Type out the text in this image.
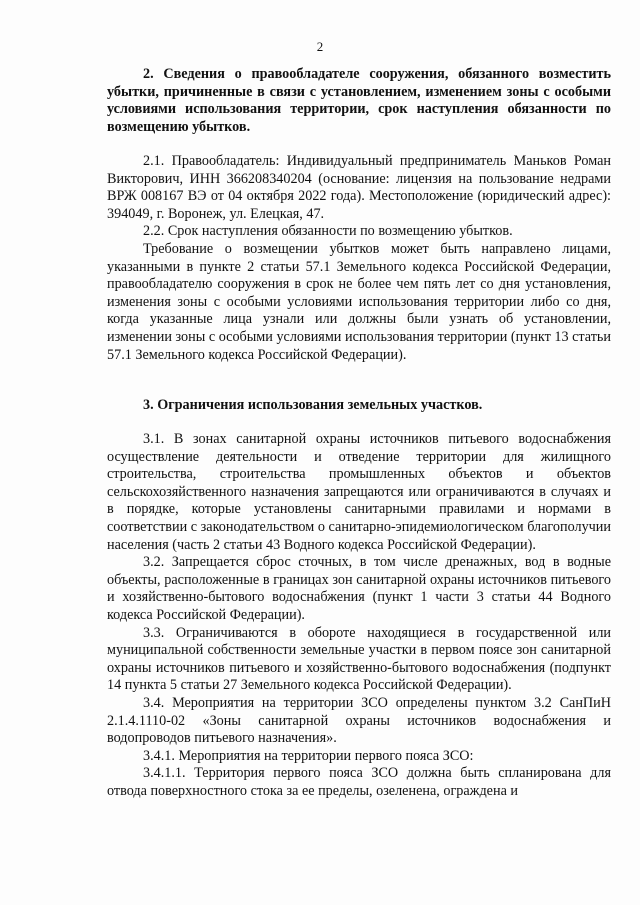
2

2. Сведения о правообладателе сооружения, обязанного возместить убытки, причиненные в связи с установлением, изменением зоны с особыми условиями использования территории, срок наступления обязанности по возмещению убытков.

2.1. Правообладатель: Индивидуальный предприниматель Маньков Роман Викторович, ИНН 366208340204 (основание: лицензия на пользование недрами ВРЖ 008167 ВЭ от 04 октября 2022 года). Местоположение (юридический адрес): 394049, г. Воронеж, ул. Елецкая, 47.

2.2. Срок наступления обязанности по возмещению убытков.

Требование о возмещении убытков может быть направлено лицами, указанными в пункте 2 статьи 57.1 Земельного кодекса Российской Федерации, правообладателю сооружения в срок не более чем пять лет со дня установления, изменения зоны с особыми условиями использования территории либо со дня, когда указанные лица узнали или должны были узнать об установлении, изменении зоны с особыми условиями использования территории (пункт 13 статьи 57.1 Земельного кодекса Российской Федерации).

3. Ограничения использования земельных участков.

3.1. В зонах санитарной охраны источников питьевого водоснабжения осуществление деятельности и отведение территории для жилищного строительства, строительства промышленных объектов и объектов сельскохозяйственного назначения запрещаются или ограничиваются в случаях и в порядке, которые установлены санитарными правилами и нормами в соответствии с законодательством о санитарно-эпидемиологическом благополучии населения (часть 2 статьи 43 Водного кодекса Российской Федерации).

3.2. Запрещается сброс сточных, в том числе дренажных, вод в водные объекты, расположенные в границах зон санитарной охраны источников питьевого и хозяйственно-бытового водоснабжения (пункт 1 части 3 статьи 44 Водного кодекса Российской Федерации).

3.3. Ограничиваются в обороте находящиеся в государственной или муниципальной собственности земельные участки в первом поясе зон санитарной охраны источников питьевого и хозяйственно-бытового водоснабжения (подпункт 14 пункта 5 статьи 27 Земельного кодекса Российской Федерации).

3.4. Мероприятия на территории ЗСО определены пунктом 3.2 СанПиН 2.1.4.1110-02 «Зоны санитарной охраны источников водоснабжения и водопроводов питьевого назначения».

3.4.1. Мероприятия на территории первого пояса ЗСО:

3.4.1.1. Территория первого пояса ЗСО должна быть спланирована для отвода поверхностного стока за ее пределы, озеленена, ограждена и
